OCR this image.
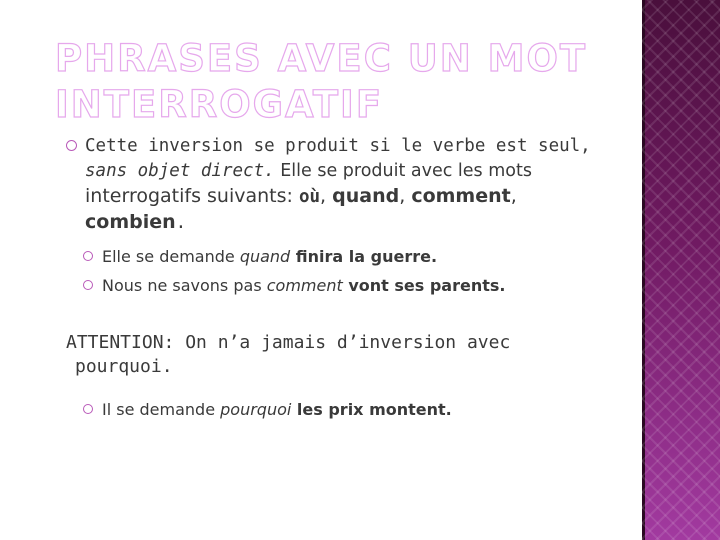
PHRASES AVEC UN MOT
INTERROGATIF
Cette inversion se produit si le verbe est seul,
sans objet direct. Elle se produit avec les mots
interrogatifs suivants: où, quand, comment,
combien.
Elle se demande quand finira la guerre.
Nous ne savons pas comment vont ses parents.

ATTENTION: On n’a jamais d’inversion avec
pourquoi.

Il se demande pourquoi les prix montent.
